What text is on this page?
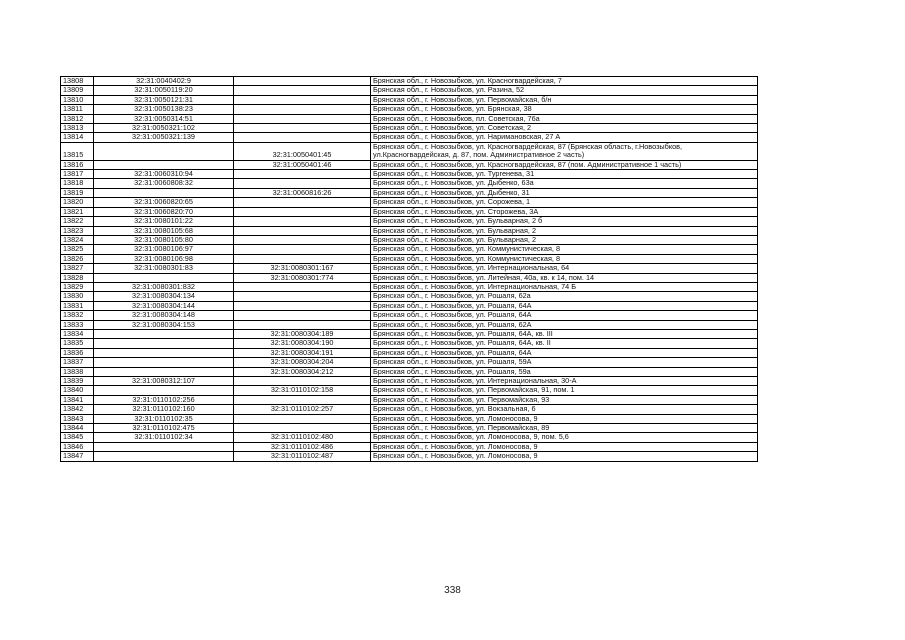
13808	32:31:0040402:9		Брянская обл., г. Новозыбков, ул. Красногвардейская, 7
13809	32:31:0050119:20		Брянская обл., г. Новозыбков, ул. Разина, 52
13810	32:31:0050121:31		Брянская обл., г. Новозыбков, ул. Первомайская, б/н
13811	32:31:0050138:23		Брянская обл., г. Новозыбков, ул. Брянская, 38
13812	32:31:0050314:51		Брянская обл., г. Новозыбков, пл. Советская, 76а
13813	32:31:0050321:102		Брянская обл., г. Новозыбков, ул. Советская, 2
13814	32:31:0050321:139		Брянская обл., г. Новозыбков, ул. Наримановская, 27 А
13815		32:31:0050401:45	Брянская обл., г. Новозыбков, ул. Красногвардейская, 87 (Брянская область, г.Новозыбков, ул.Красногвардейская, д. 87, пом. Административное 2 часть)
13816		32:31:0050401:46	Брянская обл., г. Новозыбков, ул. Красногвардейская, 87 (пом. Административное 1 часть)
13817	32:31:0060310:94		Брянская обл., г. Новозыбков, ул. Тургенева, 31
13818	32:31:0060808:32		Брянская обл., г. Новозыбков, ул. Дыбенко, 63а
13819		32:31:0060816:26	Брянская обл., г. Новозыбков, ул. Дыбенко, 31
13820	32:31:0060820:65		Брянская обл., г. Новозыбков, ул. Сорожева, 1
13821	32:31:0060820:70		Брянская обл., г. Новозыбков, ул. Сторожева, 3А
13822	32:31:0080101:22		Брянская обл., г. Новозыбков, ул. Бульварная, 2 б
13823	32:31:0080105:68		Брянская обл., г. Новозыбков, ул. Бульварная, 2
13824	32:31:0080105:80		Брянская обл., г. Новозыбков, ул. Бульварная, 2
13825	32:31:0080106:97		Брянская обл., г. Новозыбков, ул. Коммунистическая, 8
13826	32:31:0080106:98		Брянская обл., г. Новозыбков, ул. Коммунистическая, 8
13827	32:31:0080301:83	32:31:0080301:167	Брянская обл., г. Новозыбков, ул. Интернациональная, 64
13828		32:31:0080301:774	Брянская обл., г. Новозыбков, ул. Литейная, 40а, кв. к 14, пом. 14
13829	32:31:0080301:832		Брянская обл., г. Новозыбков, ул. Интернациональная, 74 Б
13830	32:31:0080304:134		Брянская обл., г. Новозыбков, ул. Рошаля, 62а
13831	32:31:0080304:144		Брянская обл., г. Новозыбков, ул. Рошаля, 64А
13832	32:31:0080304:148		Брянская обл., г. Новозыбков, ул. Рошаля, 64А
13833	32:31:0080304:153		Брянская обл., г. Новозыбков, ул. Рошаля, 62А
13834		32:31:0080304:189	Брянская обл., г. Новозыбков, ул. Рошаля, 64А, кв. III
13835		32:31:0080304:190	Брянская обл., г. Новозыбков, ул. Рошаля, 64А, кв. II
13836		32:31:0080304:191	Брянская обл., г. Новозыбков, ул. Рошаля, 64А
13837		32:31:0080304:204	Брянская обл., г. Новозыбков, ул. Рошаля, 59А
13838		32:31:0080304:212	Брянская обл., г. Новозыбков, ул. Рошаля, 59а
13839	32:31:0080312:107		Брянская обл., г. Новозыбков, ул. Интернациональная, 30-А
13840		32:31:0110102:158	Брянская обл., г. Новозыбков, ул. Первомайская, 91, пом. 1
13841	32:31:0110102:256		Брянская обл., г. Новозыбков, ул. Первомайская, 93
13842	32:31:0110102:160	32:31:0110102:257	Брянская обл., г. Новозыбков, ул. Вокзальная, 6
13843	32:31:0110102:35		Брянская обл., г. Новозыбков, ул. Ломоносова, 9
13844	32:31:0110102:475		Брянская обл., г. Новозыбков, ул. Первомайская, 89
13845	32:31:0110102:34	32:31:0110102:480	Брянская обл., г. Новозыбков, ул. Ломоносова, 9, пом. 5,6
13846		32:31:0110102:486	Брянская обл., г. Новозыбков, ул. Ломоносова, 9
13847		32:31:0110102:487	Брянская обл., г. Новозыбков, ул. Ломоносова, 9
338
